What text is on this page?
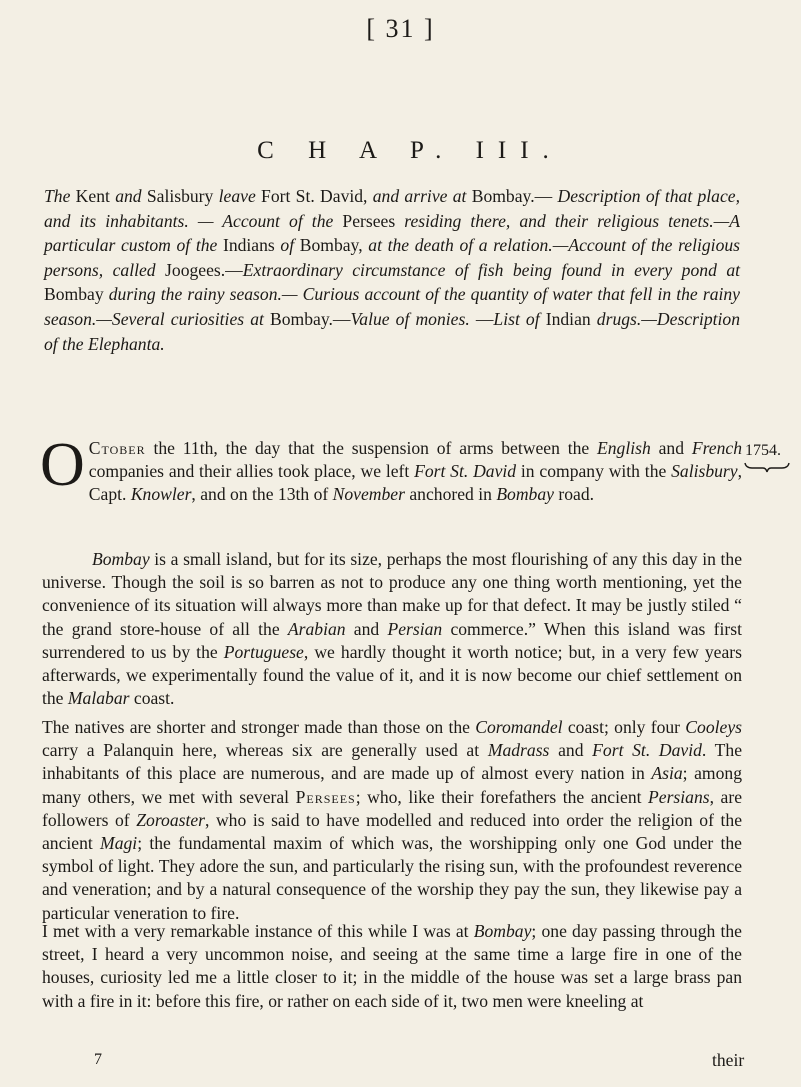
[ 31 ]
C H A P. III.
The Kent and Salisbury leave Fort St. David, and arrive at Bombay.— Description of that place, and its inhabitants. — Account of the Persees residing there, and their religious tenets.—A particular custom of the Indians of Bombay, at the death of a relation.—Account of the religious persons, called Joogees.—Extraordinary circumstance of fish being found in every pond at Bombay during the rainy season.— Curious account of the quantity of water that fell in the rainy season.—Several curiosities at Bombay.—Value of monies. —List of Indian drugs.—Description of the Elephanta.
1754.
O Ctober the 11th, the day that the suspension of arms between the English and French companies and their allies took place, we left Fort St. David in company with the Salisbury, Capt. Knowler, and on the 13th of November anchored in Bombay road.
Bombay is a small island, but for its size, perhaps the most flourishing of any this day in the universe. Though the soil is so barren as not to produce any one thing worth mentioning, yet the convenience of its situation will always more than make up for that defect. It may be justly stiled “ the grand store-house of all the Arabian and Persian commerce.” When this island was first surrendered to us by the Portuguese, we hardly thought it worth notice; but, in a very few years afterwards, we experimentally found the value of it, and it is now become our chief settlement on the Malabar coast.
The natives are shorter and stronger made than those on the Coromandel coast; only four Cooleys carry a Palanquin here, whereas six are generally used at Madrass and Fort St. David. The inhabitants of this place are numerous, and are made up of almost every nation in Asia; among many others, we met with several Persees; who, like their forefathers the ancient Persians, are followers of Zoroaster, who is said to have modelled and reduced into order the religion of the ancient Magi; the fundamental maxim of which was, the worshipping only one God under the symbol of light. They adore the sun, and particularly the rising sun, with the profoundest reverence and veneration; and by a natural consequence of the worship they pay the sun, they likewise pay a particular veneration to fire.
I met with a very remarkable instance of this while I was at Bombay; one day passing through the street, I heard a very uncommon noise, and seeing at the same time a large fire in one of the houses, curiosity led me a little closer to it; in the middle of the house was set a large brass pan with a fire in it: before this fire, or rather on each side of it, two men were kneeling at
7	their
